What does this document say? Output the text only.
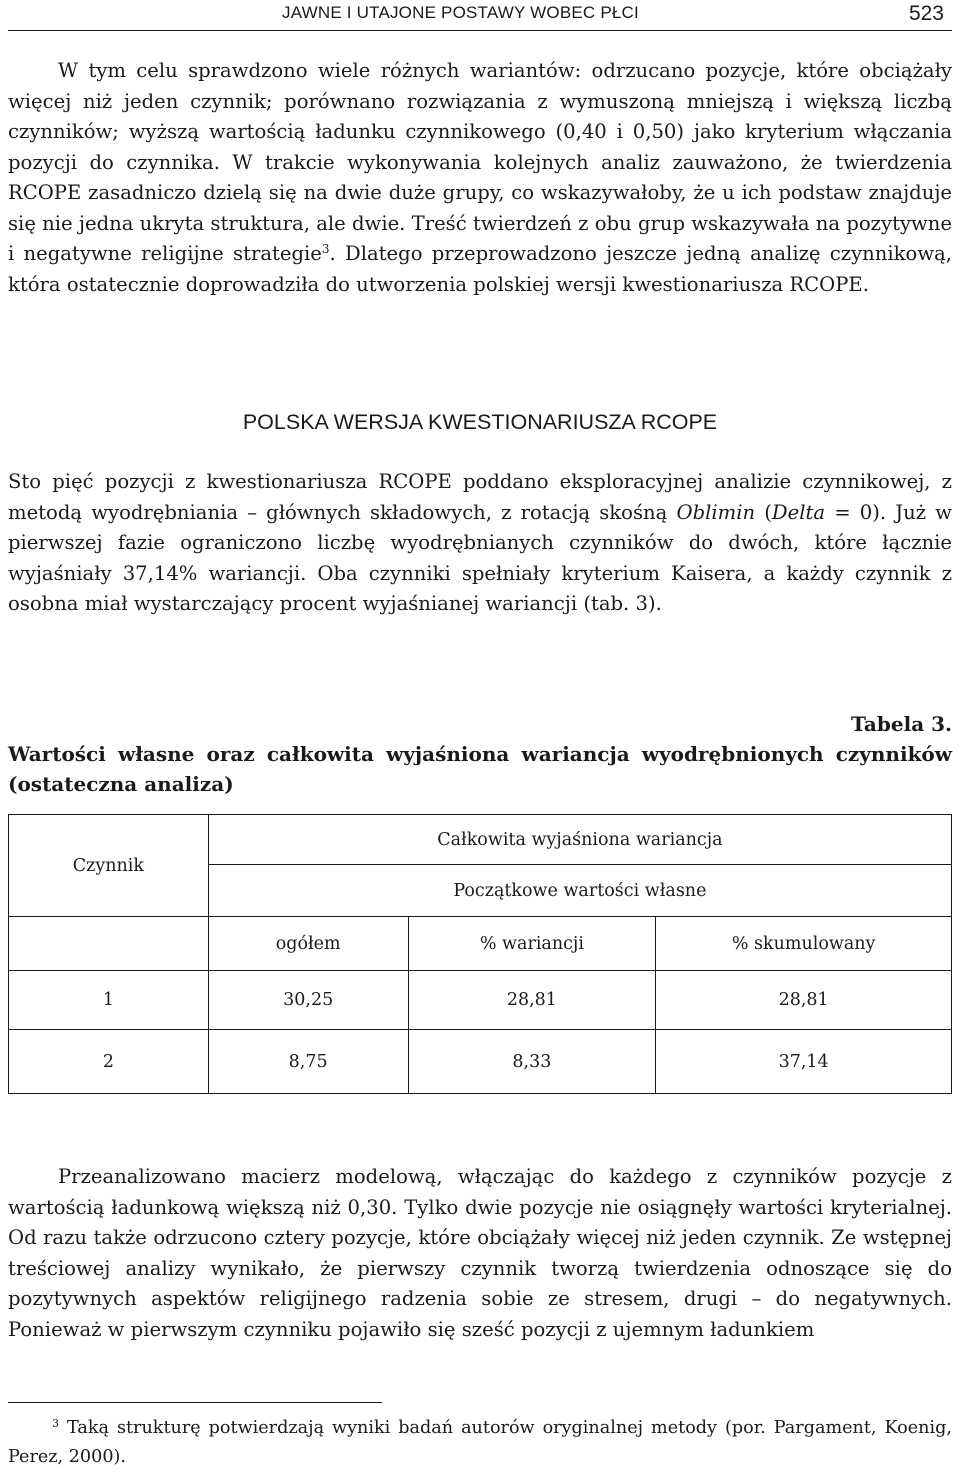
JAWNE I UTAJONE POSTAWY WOBEC PŁCI	523

W tym celu sprawdzono wiele różnych wariantów: odrzucano pozycje, które obciążały więcej niż jeden czynnik; porównano rozwiązania z wymuszoną mniejszą i większą liczbą czynników; wyższą wartością ładunku czynnikowego (0,40 i 0,50) jako kryterium włączania pozycji do czynnika. W trakcie wykonywania kolejnych analiz zauważono, że twierdzenia RCOPE zasadniczo dzielą się na dwie duże grupy, co wskazywałoby, że u ich podstaw znajduje się nie jedna ukryta struktura, ale dwie. Treść twierdzeń z obu grup wskazywała na pozytywne i negatywne religijne strategie$^3$. Dlatego przeprowadzono jeszcze jedną analizę czynnikową, która ostatecznie doprowadziła do utworzenia polskiej wersji kwestionariusza RCOPE.

POLSKA WERSJA KWESTIONARIUSZA RCOPE

Sto pięć pozycji z kwestionariusza RCOPE poddano eksploracyjnej analizie czynnikowej, z metodą wyodrębniania – głównych składowych, z rotacją skośną Oblimin (Delta = 0). Już w pierwszej fazie ograniczono liczbę wyodrębnianych czynników do dwóch, które łącznie wyjaśniały 37,14% wariancji. Oba czynniki spełniały kryterium Kaisera, a każdy czynnik z osobna miał wystarczający procent wyjaśnianej wariancji (tab. 3).

Tabela 3.

Wartości własne oraz całkowita wyjaśniona wariancja wyodrębnionych czynników (ostateczna analiza)

Czynnik	Całkowita wyjaśniona wariancja		
	Początkowe wartości własne		
	ogółem	% wariancji	% skumulowany
1	30,25	28,81	28,81
2	8,75	8,33	37,14

Przeanalizowano macierz modelową, włączając do każdego z czynników pozycje z wartością ładunkową większą niż 0,30. Tylko dwie pozycje nie osiągnęły wartości kryterialnej. Od razu także odrzucono cztery pozycje, które obciążały więcej niż jeden czynnik. Ze wstępnej treściowej analizy wynikało, że pierwszy czynnik tworzą twierdzenia odnoszące się do pozytywnych aspektów religijnego radzenia sobie ze stresem, drugi – do negatywnych. Ponieważ w pierwszym czynniku pojawiło się sześć pozycji z ujemnym ładunkiem

$^3$ Taką strukturę potwierdzają wyniki badań autorów oryginalnej metody (por. Pargament, Koenig, Perez, 2000).
